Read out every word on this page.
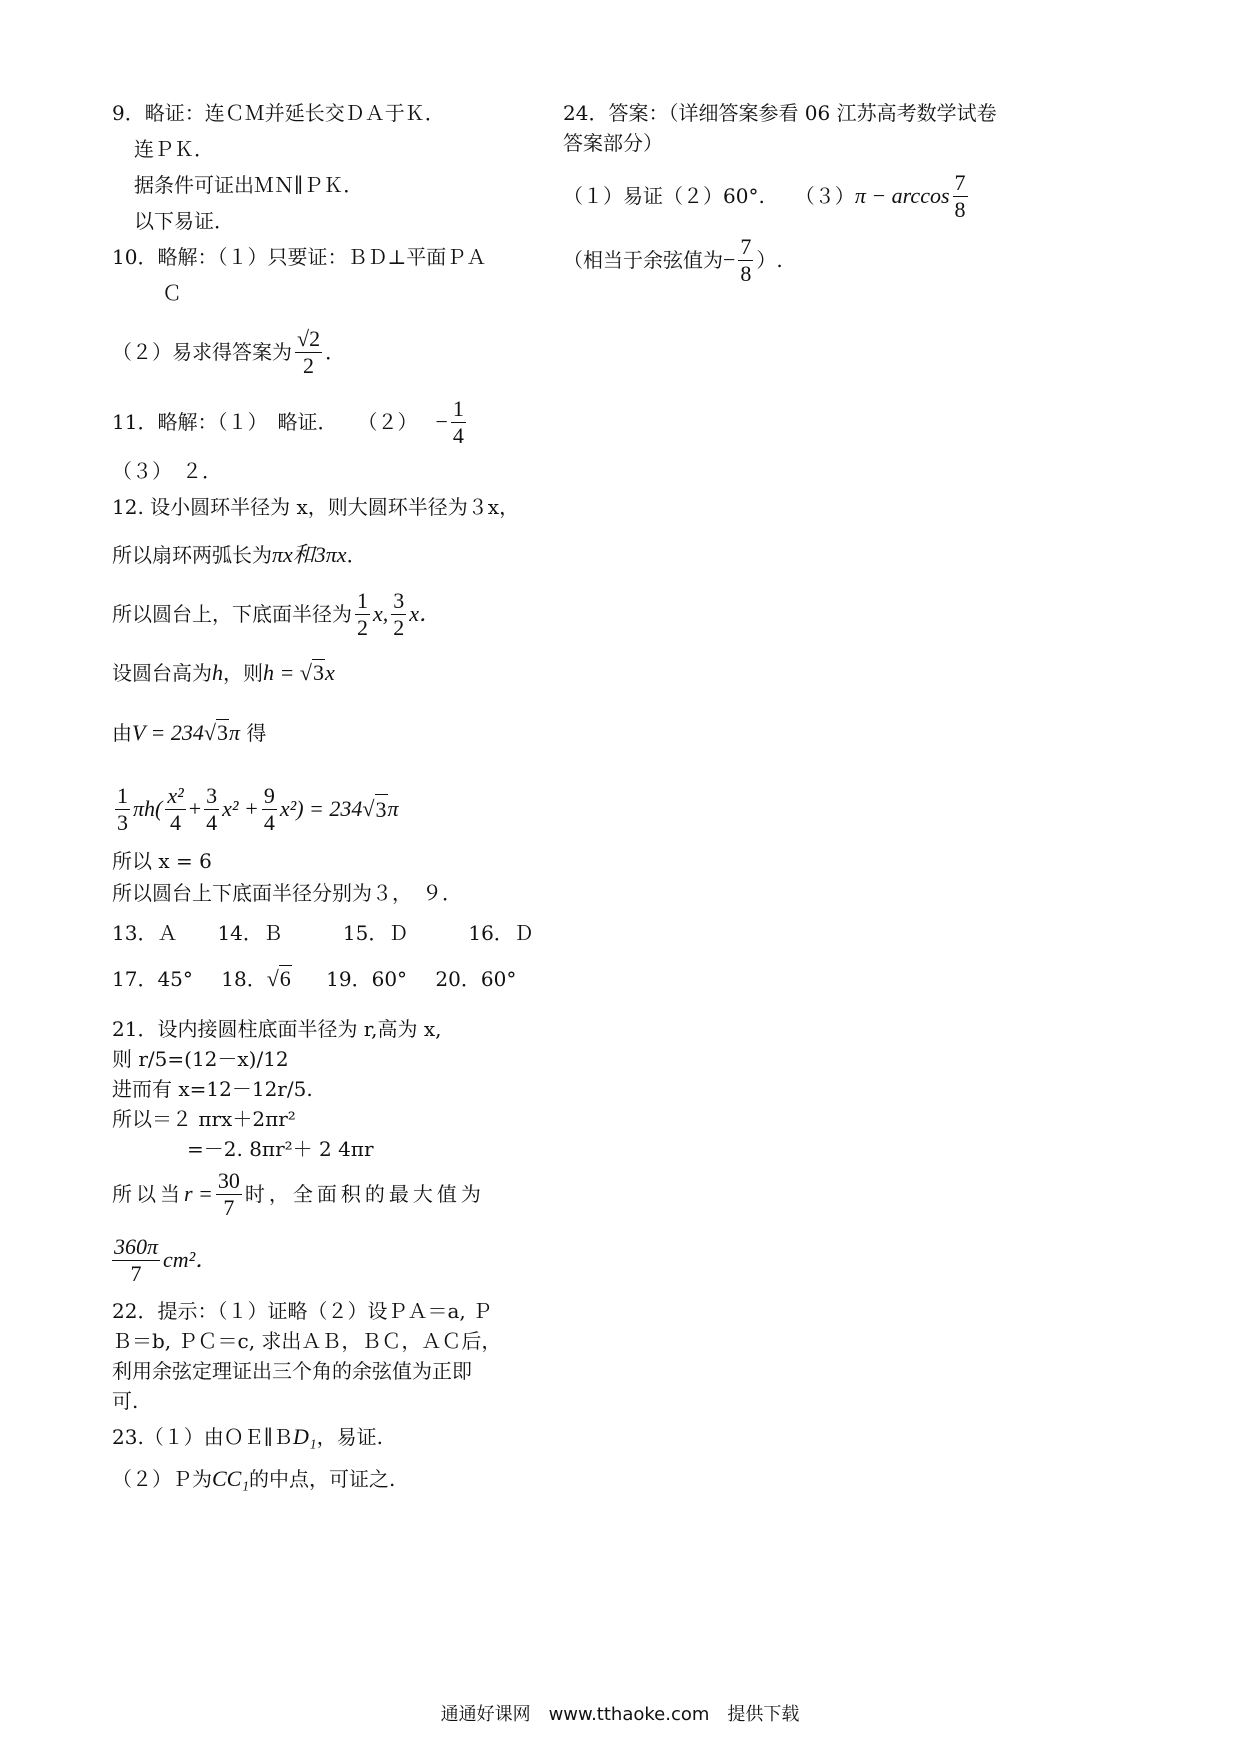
9．略证：连ＣＭ并延长交ＤＡ于Ｋ．
连ＰＫ．
据条件可证出ＭＮ∥ＰＫ．
以下易证．
10．略解：（１）只要证：ＢＤ⊥平面ＰＡ
Ｃ
（２）易求得答案为 $\frac{√2}{2}$ ．
11．略解：（１）　略证．　　$(2) - \frac{1}{4}$
（３）　２．
12. 设小圆环半径为 x，则大圆环半径为３x，
所以扇环两弧长为πx和3πx．
所以圆台上，下底面半径为 $\frac{1}{2} x$, $\frac{3}{2}$ x．
设圆台高为h，则h = √3x
由V = 234√3π 得
$\frac{1}{3} \pi h( \frac{\text{x²}}{4} + \frac{3}{4} x^2 + \frac{9}{4} x^2) = 234$ √ 3 π
所以 x = 6
所以圆台上下底面半径分别为３，　９．
13．Ａ　　14．Ｂ　　　15．Ｄ　　　16．Ｄ
17．45° 18．√6 19．60° 20．60°
21．设内接圆柱底面半径为 r,高为 x,
则 r/5=(12－x)/12
进而有 x=12－12r/5.
所以＝２ πrx＋2πr²
=－2. 8πr²＋ 2 4πr
所以当 $r = \frac{30}{7}$ 时，全面积的最大值为
$\frac{360\pi}{7} cm^2$．
22．提示：（１）证略（２）设ＰＡ＝a, Ｐ
Ｂ＝b, ＰＣ＝c, 求出ＡＢ，ＢＣ，ＡＣ后，
利用余弦定理证出三个角的余弦值为正即
可.
23.（１）由ＯＥ∥ＢD₁，易证.
（２）Ｐ为CC₁的中点，可证之.
24．答案：（详细答案参看 06 江苏高考数学试卷
答案部分）
（１）易证（２）60°.　　（３） $\pi - \arccos \frac{7}{8}$
（相当于余弦值为 − $\frac{7}{8}$ ）.
通通好课网　www.tthaoke.com　提供下载
